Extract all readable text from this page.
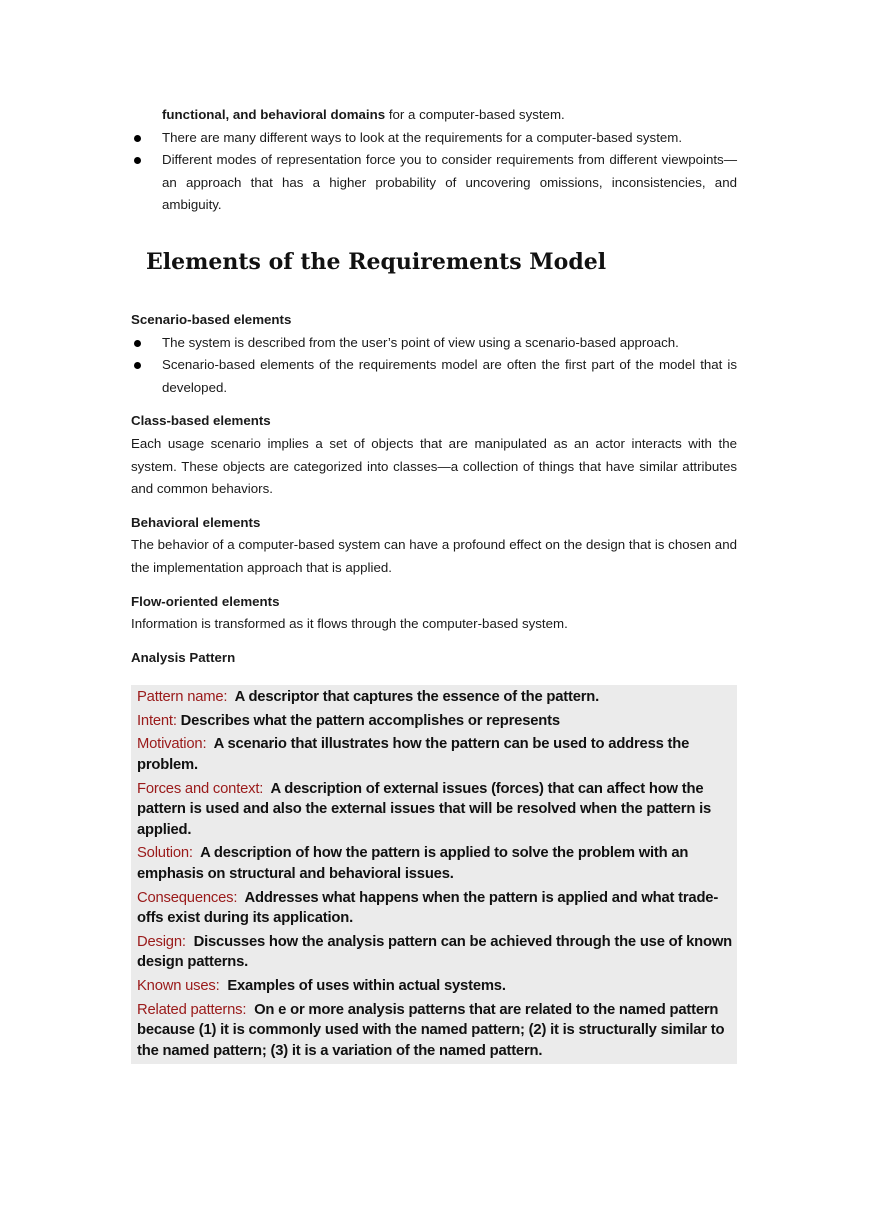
functional, and behavioral domains for a computer-based system.

There are many different ways to look at the requirements for a computer-based system.

Different modes of representation force you to consider requirements from different viewpoints—an approach that has a higher probability of uncovering omissions, inconsistencies, and ambiguity.

Elements of the Requirements Model

Scenario-based elements

The system is described from the user’s point of view using a scenario-based approach.

Scenario-based elements of the requirements model are often the first part of the model that is developed.

Class-based elements

Each usage scenario implies a set of objects that are manipulated as an actor interacts with the system. These objects are categorized into classes—a collection of things that have similar attributes and common behaviors.

Behavioral elements

The behavior of a computer-based system can have a profound effect on the design that is chosen and the implementation approach that is applied.

Flow-oriented elements

Information is transformed as it flows through the computer-based system.

Analysis Pattern

Pattern name: A descriptor that captures the essence of the pattern.
Intent: Describes what the pattern accomplishes or represents
Motivation: A scenario that illustrates how the pattern can be used to address the problem.
Forces and context: A description of external issues (forces) that can affect how the pattern is used and also the external issues that will be resolved when the pattern is applied.
Solution: A description of how the pattern is applied to solve the problem with an emphasis on structural and behavioral issues.
Consequences: Addresses what happens when the pattern is applied and what trade-offs exist during its application.
Design: Discusses how the analysis pattern can be achieved through the use of known design patterns.
Known uses: Examples of uses within actual systems.
Related patterns: On e or more analysis patterns that are related to the named pattern because (1) it is commonly used with the named pattern; (2) it is structurally similar to the named pattern; (3) it is a variation of the named pattern.
